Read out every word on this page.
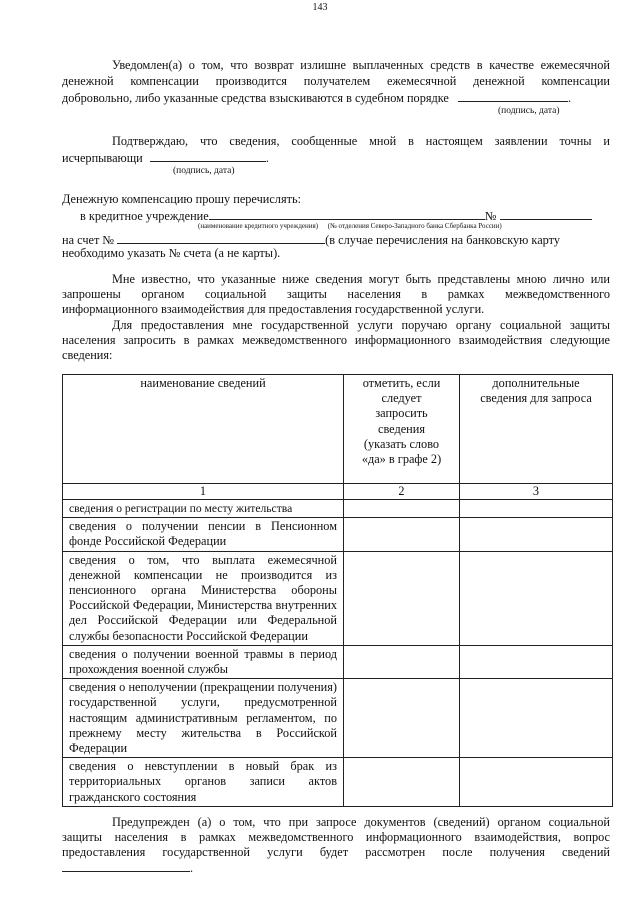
143
Уведомлен(а) о том, что возврат излишне выплаченных средств в качестве ежемесячной
денежной компенсации производится получателем ежемесячной денежной компенсации
добровольно, либо указанные средства взыскиваются в судебном порядке	.
(подпись, дата)
Подтверждаю, что сведения, сообщенные мной в настоящем заявлении точны и
исчерпывающи	.
(подпись, дата)
Денежную компенсацию прошу перечислять:
в кредитное учреждение	№
(наименование кредитного учреждения) (№ отделения Северо-Западного банка Сбербанка России)
на счет №	(в случае перечисления на банковскую карту
необходимо указать № счета (а не карты).
Мне известно, что указанные ниже сведения могут быть представлены мною лично или
запрошены органом социальной защиты населения в рамках межведомственного
информационного взаимодействия для предоставления государственной услуги.
Для предоставления мне государственной услуги поручаю органу социальной защиты
населения запросить в рамках межведомственного информационного взаимодействия следующие
сведения:
наименование сведений	отметить, если следует запросить сведения (указать слово «да» в графе 2)	дополнительные сведения для запроса
1	2	3
сведения о регистрации по месту жительства		
сведения о получении пенсии в Пенсионном фонде Российской Федерации		
сведения о том, что выплата ежемесячной денежной компенсации не производится из пенсионного органа Министерства обороны Российской Федерации, Министерства внутренних дел Российской Федерации или Федеральной службы безопасности Российской Федерации		
сведения о получении военной травмы в период прохождения военной службы		
сведения о неполучении (прекращении получения) государственной услуги, предусмотренной настоящим административным регламентом, по прежнему месту жительства в Российской Федерации		
сведения о невступлении в новый брак из территориальных органов записи актов гражданского состояния		
Предупрежден (а) о том, что при запросе документов (сведений) органом социальной
защиты населения в рамках межведомственного информационного взаимодействия, вопрос
предоставления государственной услуги будет рассмотрен после получения сведений
.
